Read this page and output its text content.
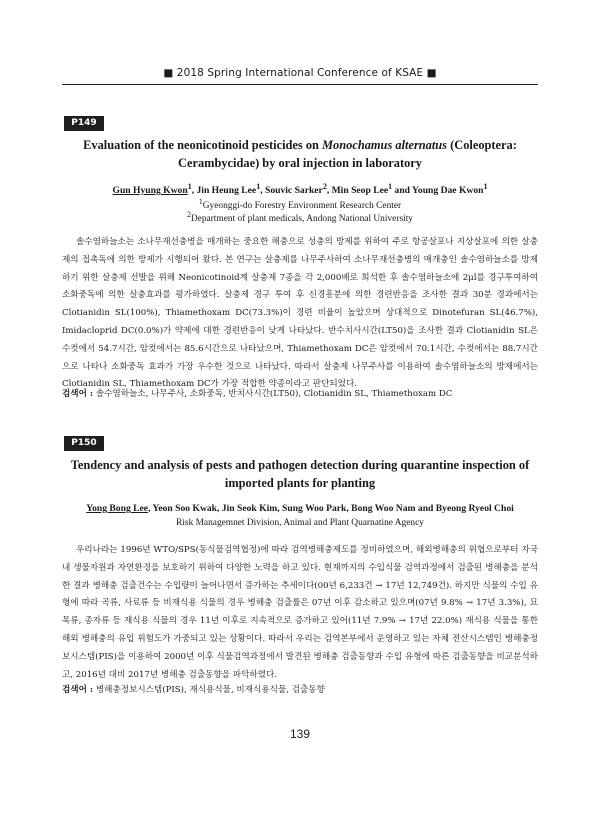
■ 2018 Spring International Conference of KSAE ■
P149
Evaluation of the neonicotinoid pesticides on Monochamus alternatus (Coleoptera: Cerambycidae) by oral injection in laboratory
Gun Hyung Kwon$^1$, Jin Heung Lee$^1$, Souvic Sarker$^2$, Min Seop Lee$^1$ and Young Dae Kwon$^1$
$^1$Gyeonggi-do Forestry Environment Research Center
$^2$Department of plant medicals, Andong National University
솔수염하늘소는 소나무재선충병을 매개하는 중요한 해충으로 성충의 방제를 위하여 주로 항공살포나 지상살포에 의한 살충제의 접촉독에 의한 방제가 시행되어 왔다. 본 연구는 살충제를 나무주사하여 소나무재선충병의 매개충인 솔수염하늘소를 방제하기 위한 살충제 선발을 위해 Neonicotinoid계 살충제 7종을 각 2,000배로 희석한 후 솔수염하늘소에 2μl를 경구투여하여 소화중독에 의한 살충효과를 평가하였다. 살충제 경구 투여 후 신경흥분에 의한 경련반응을 조사한 결과 30분 경과에서는 Clotianidin SL(100%), Thiamethoxam DC(73.3%)이 경련 비율이 높았으며 상대적으로 Dinotefuran SL(46.7%), Imidacloprid DC(0.0%)가 약제에 대한 경련반응이 낮게 나타났다. 반수치사시간(LT50)을 조사한 결과 Clotianidin SL은 수컷에서 54.7시간, 암컷에서는 85.6시간으로 나타났으며, Thiamethoxam DC은 암컷에서 70.1시간, 수컷에서는 88.7시간으로 나타나 소화중독 효과가 가장 우수한 것으로 나타났다. 따라서 살충제 나무주사를 이용하여 솔수염하늘소의 방제에서는 Clotianidin SL, Thiamethoxam DC가 가장 적합한 약종이라고 판단되었다.
검색어 : 솔수염하늘소, 나무주사, 소화중독, 반치사시간(LT50), Clotianidin SL, Thiamethoxam DC
P150
Tendency and analysis of pests and pathogen detection during quarantine inspection of imported plants for planting
Yong Bong Lee, Yeon Soo Kwak, Jin Seok Kim, Sung Woo Park, Bong Woo Nam and Byeong Ryeol Choi
Risk Managemnet Division, Animal and Plant Quarnatine Agency
우리나라는 1996년 WTO/SPS(동식물검역협정)에 따라 검역병해충제도를 정비하였으며, 해외병해충의 위협으로부터 자국내 생물자원과 자연환경을 보호하기 위하여 다양한 노력을 하고 있다. 현재까지의 수입식물 검역과정에서 검출된 병해충을 분석한 결과 병해충 검출건수는 수입량이 늘어나면서 증가하는 추세이다(00년 6,233건 → 17년 12,749건). 하지만 식물의 수입 유형에 따라 곡류, 사료류 등 비재식용 식물의 경우 병해충 검출률은 07년 이후 감소하고 있으며(07년 9.8% → 17년 3.3%), 묘목류, 종자류 등 재식용 식물의 경우 11년 이후로 지속적으로 증가하고 있어(11년 7.9% → 17년 22.0%) 재식용 식물을 통한 해외 병해충의 유입 위험도가 가중되고 있는 상황이다. 따라서 우리는 검역본부에서 운영하고 있는 자체 전산시스템인 병해충정보시스템(PIS)을 이용하여 2000년 이후 식물검역과정에서 발견된 병해충 검출동향과 수입 유형에 따른 검출동향을 비교분석하고, 2016년 대비 2017년 병해충 검출동향을 파악하였다.
검색어 : 병해충정보시스템(PIS), 재식용식물, 비재식용식물, 검출동향
139
